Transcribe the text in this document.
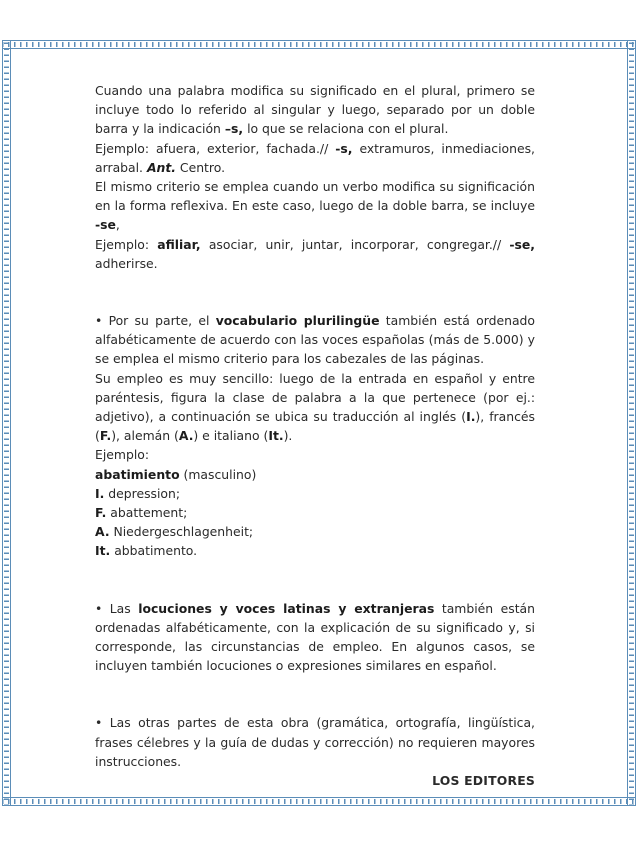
Cuando una palabra modifica su significado en el plural, primero se incluye todo lo referido al singular y luego, separado por un doble barra y la indicación –s, lo que se relaciona con el plural.

Ejemplo: afuera, exterior, fachada.// -s, extramuros, inmediaciones, arrabal. Ant. Centro.

El mismo criterio se emplea cuando un verbo modifica su significación en la forma reflexiva. En este caso, luego de la doble barra, se incluye -se,

Ejemplo: afiliar, asociar, unir, juntar, incorporar, congregar.// -se, adherirse.

• Por su parte, el vocabulario plurilingüe también está ordenado alfabéticamente de acuerdo con las voces españolas (más de 5.000) y se emplea el mismo criterio para los cabezales de las páginas.

Su empleo es muy sencillo: luego de la entrada en español y entre paréntesis, figura la clase de palabra a la que pertenece (por ej.: adjetivo), a continuación se ubica su traducción al inglés (I.), francés (F.), alemán (A.) e italiano (It.).

Ejemplo:

abatimiento (masculino)

I. depression;

F. abattement;

A. Niedergeschlagenheit;

It. abbatimento.

• Las locuciones y voces latinas y extranjeras también están ordenadas alfabéticamente, con la explicación de su significado y, si corresponde, las circunstancias de empleo. En algunos casos, se incluyen también locuciones o expresiones similares en español.

• Las otras partes de esta obra (gramática, ortografía, lingüística, frases célebres y la guía de dudas y corrección) no requieren mayores instrucciones.

LOS EDITORES
